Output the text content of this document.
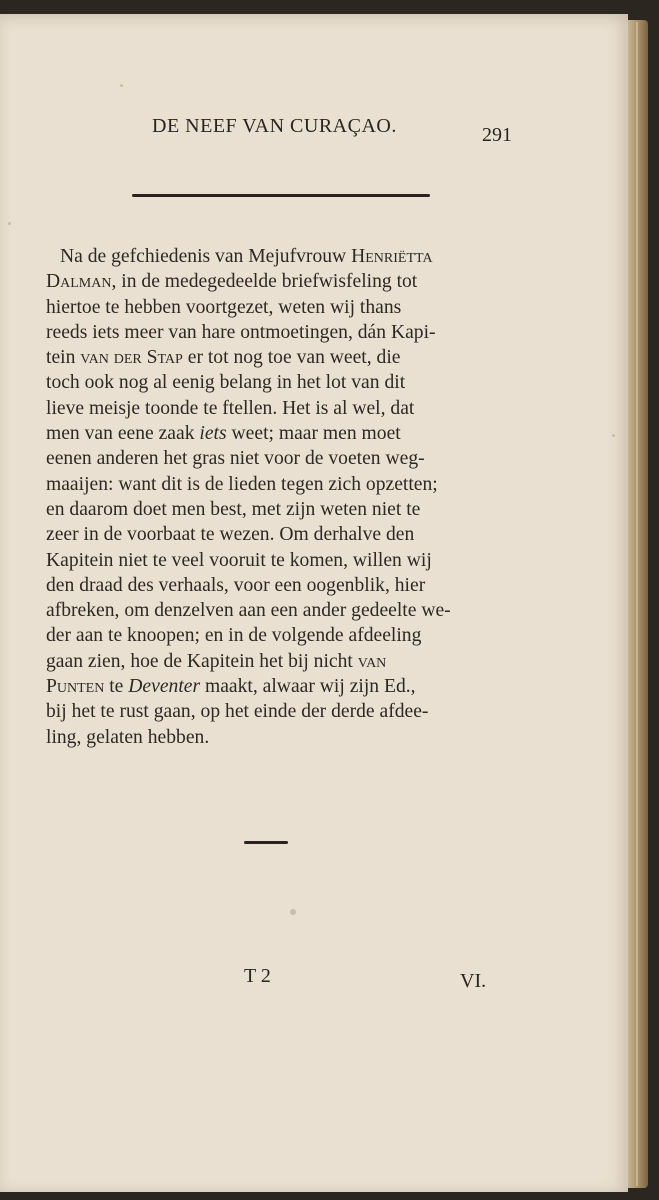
DE NEEF VAN CURAÇAO.	291
Na de gefchiedenis van Mejufvrouw Henriëtta
Dalman, in de medegedeelde briefwisfeling tot
hiertoe te hebben voortgezet, weten wij thans
reeds iets meer van hare ontmoetingen, dán Kapi-
tein van der Stap er tot nog toe van weet, die
toch ook nog al eenig belang in het lot van dit
lieve meisje toonde te ftellen. Het is al wel, dat
men van eene zaak iets weet; maar men moet
eenen anderen het gras niet voor de voeten weg-
maaijen: want dit is de lieden tegen zich opzetten;
en daarom doet men best, met zijn weten niet te
zeer in de voorbaat te wezen. Om derhalve den
Kapitein niet te veel vooruit te komen, willen wij
den draad des verhaals, voor een oogenblik, hier
afbreken, om denzelven aan een ander gedeelte we-
der aan te knoopen; en in de volgende afdeeling
gaan zien, hoe de Kapitein het bij nicht van
Punten te Deventer maakt, alwaar wij zijn Ed.,
bij het te rust gaan, op het einde der derde afdee-
ling, gelaten hebben.
T 2	VI.
